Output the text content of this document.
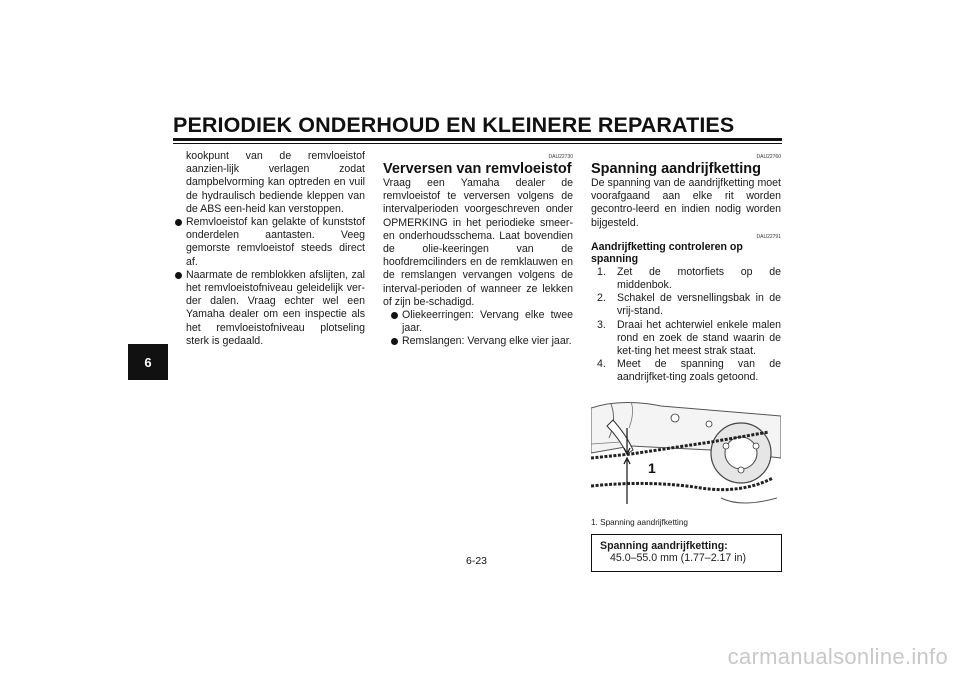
PERIODIEK ONDERHOUD EN KLEINERE REPARATIES
6

kookpunt van de remvloeistof aanzien-lijk verlagen zodat dampbelvorming kan optreden en vuil de hydraulisch bediende kleppen van de ABS een-heid kan verstoppen.

Remvloeistof kan gelakte of kunststof onderdelen aantasten. Veeg gemorste remvloeistof steeds direct af.
Naarmate de remblokken afslijten, zal het remvloeistofniveau geleidelijk ver-der dalen. Vraag echter wel een Yamaha dealer om een inspectie als het remvloeistofniveau plotseling sterk is gedaald.
DAU22730
Verversen van remvloeistof

Vraag een Yamaha dealer de remvloeistof te verversen volgens de intervalperioden voorgeschreven onder OPMERKING in het periodieke smeer- en onderhoudsschema. Laat bovendien de olie-keeringen van de hoofdremcilinders en de remklauwen en de remslangen vervangen volgens de interval-perioden of wanneer ze lekken of zijn be-schadigd.

Oliekeerringen: Vervang elke twee jaar.
Remslangen: Vervang elke vier jaar.
DAU22760
Spanning aandrijfketting

De spanning van de aandrijfketting moet voorafgaand aan elke rit worden gecontro-leerd en indien nodig worden bijgesteld.

DAU22791
Aandrijfketting controleren op spanning
1. Zet de motorfiets op de middenbok.
2. Schakel de versnellingsbak in de vrij-stand.
3. Draai het achterwiel enkele malen rond en zoek de stand waarin de ket-ting het meest strak staat.
4. Meet de spanning van de aandrijfket-ting zoals getoond.
1
1. Spanning aandrijfketting
Spanning aandrijfketting:
45.0–55.0 mm (1.77–2.17 in)
6-23
carmanualsonline.info
